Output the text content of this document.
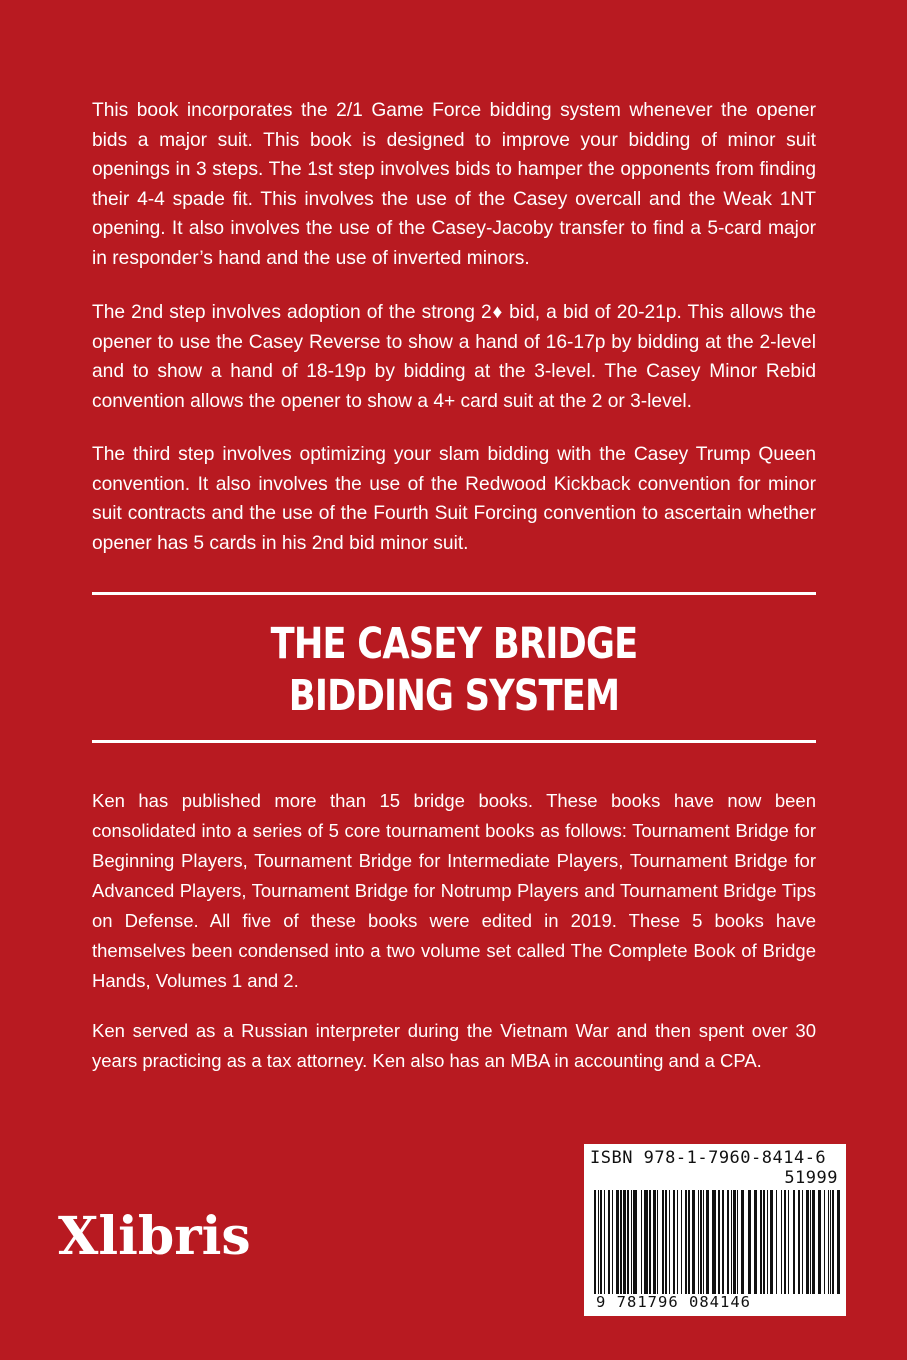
This book incorporates the 2/1 Game Force bidding system whenever the opener bids a major suit. This book is designed to improve your bidding of minor suit openings in 3 steps. The 1st step involves bids to hamper the opponents from finding their 4-4 spade fit. This involves the use of the Casey overcall and the Weak 1NT opening. It also involves the use of the Casey-Jacoby transfer to find a 5-card major in responder’s hand and the use of inverted minors.

The 2nd step involves adoption of the strong 2♦ bid, a bid of 20-21p. This allows the opener to use the Casey Reverse to show a hand of 16-17p by bidding at the 2-level and to show a hand of 18-19p by bidding at the 3-level. The Casey Minor Rebid convention allows the opener to show a 4+ card suit at the 2 or 3-level.

The third step involves optimizing your slam bidding with the Casey Trump Queen convention. It also involves the use of the Redwood Kickback convention for minor suit contracts and the use of the Fourth Suit Forcing convention to ascertain whether opener has 5 cards in his 2nd bid minor suit.

THE CASEY BRIDGE
BIDDING SYSTEM

Ken has published more than 15 bridge books. These books have now been consolidated into a series of 5 core tournament books as follows: Tournament Bridge for Beginning Players, Tournament Bridge for Intermediate Players, Tournament Bridge for Advanced Players, Tournament Bridge for Notrump Players and Tournament Bridge Tips on Defense. All five of these books were edited in 2019. These 5 books have themselves been condensed into a two volume set called The Complete Book of Bridge Hands, Volumes 1 and 2.

Ken served as a Russian interpreter during the Vietnam War and then spent over 30 years practicing as a tax attorney. Ken also has an MBA in accounting and a CPA.

Xlibris
ISBN 978-1-7960-8414-6
51999
9 781796 084146
